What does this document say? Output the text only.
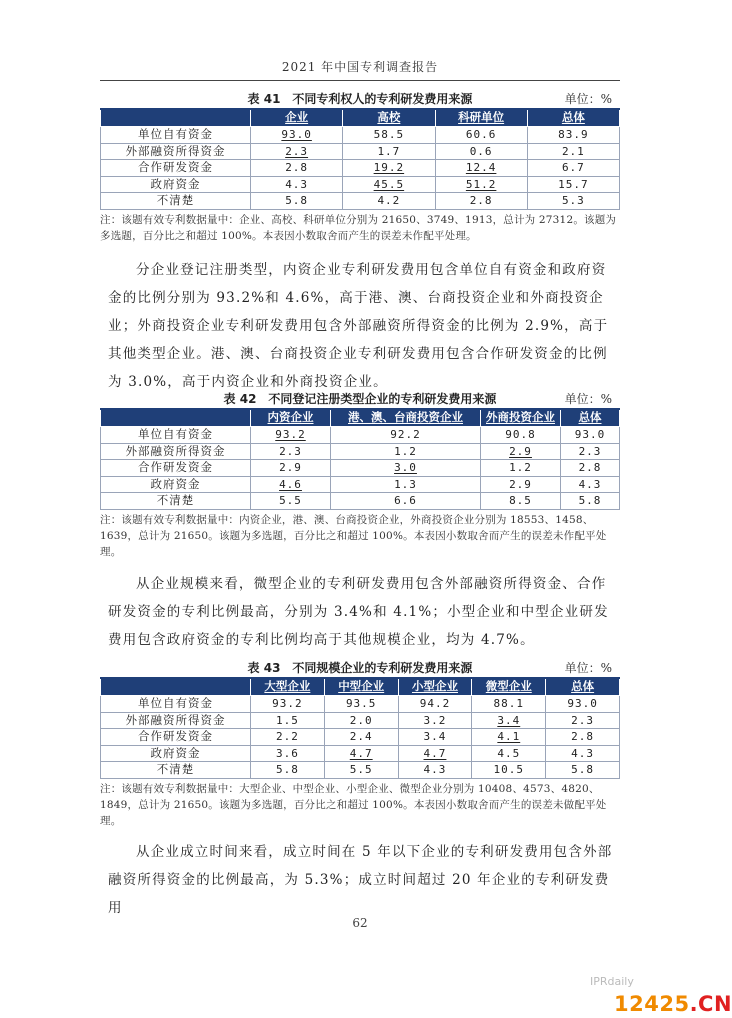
2021 年中国专利调查报告
表 41　不同专利权人的专利研发费用来源	单位：%
	企业	高校	科研单位	总体
单位自有资金	93.0	58.5	60.6	83.9
外部融资所得资金	2.3	1.7	0.6	2.1
合作研发资金	2.8	19.2	12.4	6.7
政府资金	4.3	45.5	51.2	15.7
不清楚	5.8	4.2	2.8	5.3
注：该题有效专利数据量中：企业、高校、科研单位分别为 21650、3749、1913，总计为 27312。该题为多选题，百分比之和超过 100%。本表因小数取舍而产生的误差未作配平处理。
分企业登记注册类型，内资企业专利研发费用包含单位自有资金和政府资金的比例分别为 93.2%和 4.6%，高于港、澳、台商投资企业和外商投资企业；外商投资企业专利研发费用包含外部融资所得资金的比例为 2.9%，高于其他类型企业。港、澳、台商投资企业专利研发费用包含合作研发资金的比例为 3.0%，高于内资企业和外商投资企业。
表 42　不同登记注册类型企业的专利研发费用来源	单位：%
	内资企业	港、澳、台商投资企业	外商投资企业	总体
单位自有资金	93.2	92.2	90.8	93.0
外部融资所得资金	2.3	1.2	2.9	2.3
合作研发资金	2.9	3.0	1.2	2.8
政府资金	4.6	1.3	2.9	4.3
不清楚	5.5	6.6	8.5	5.8
注：该题有效专利数据量中：内资企业，港、澳、台商投资企业，外商投资企业分别为 18553、1458、1639，总计为 21650。该题为多选题，百分比之和超过 100%。本表因小数取舍而产生的误差未作配平处理。
从企业规模来看，微型企业的专利研发费用包含外部融资所得资金、合作研发资金的专利比例最高，分别为 3.4%和 4.1%；小型企业和中型企业研发费用包含政府资金的专利比例均高于其他规模企业，均为 4.7%。
表 43　不同规模企业的专利研发费用来源	单位：%
	大型企业	中型企业	小型企业	微型企业	总体
单位自有资金	93.2	93.5	94.2	88.1	93.0
外部融资所得资金	1.5	2.0	3.2	3.4	2.3
合作研发资金	2.2	2.4	3.4	4.1	2.8
政府资金	3.6	4.7	4.7	4.5	4.3
不清楚	5.8	5.5	4.3	10.5	5.8
注：该题有效专利数据量中：大型企业、中型企业、小型企业、微型企业分别为 10408、4573、4820、1849，总计为 21650。该题为多选题，百分比之和超过 100%。本表因小数取舍而产生的误差未做配平处理。
从企业成立时间来看，成立时间在 5 年以下企业的专利研发费用包含外部融资所得资金的比例最高，为 5.3%；成立时间超过 20 年企业的专利研发费用
62
IPRdaily
12425.CN
